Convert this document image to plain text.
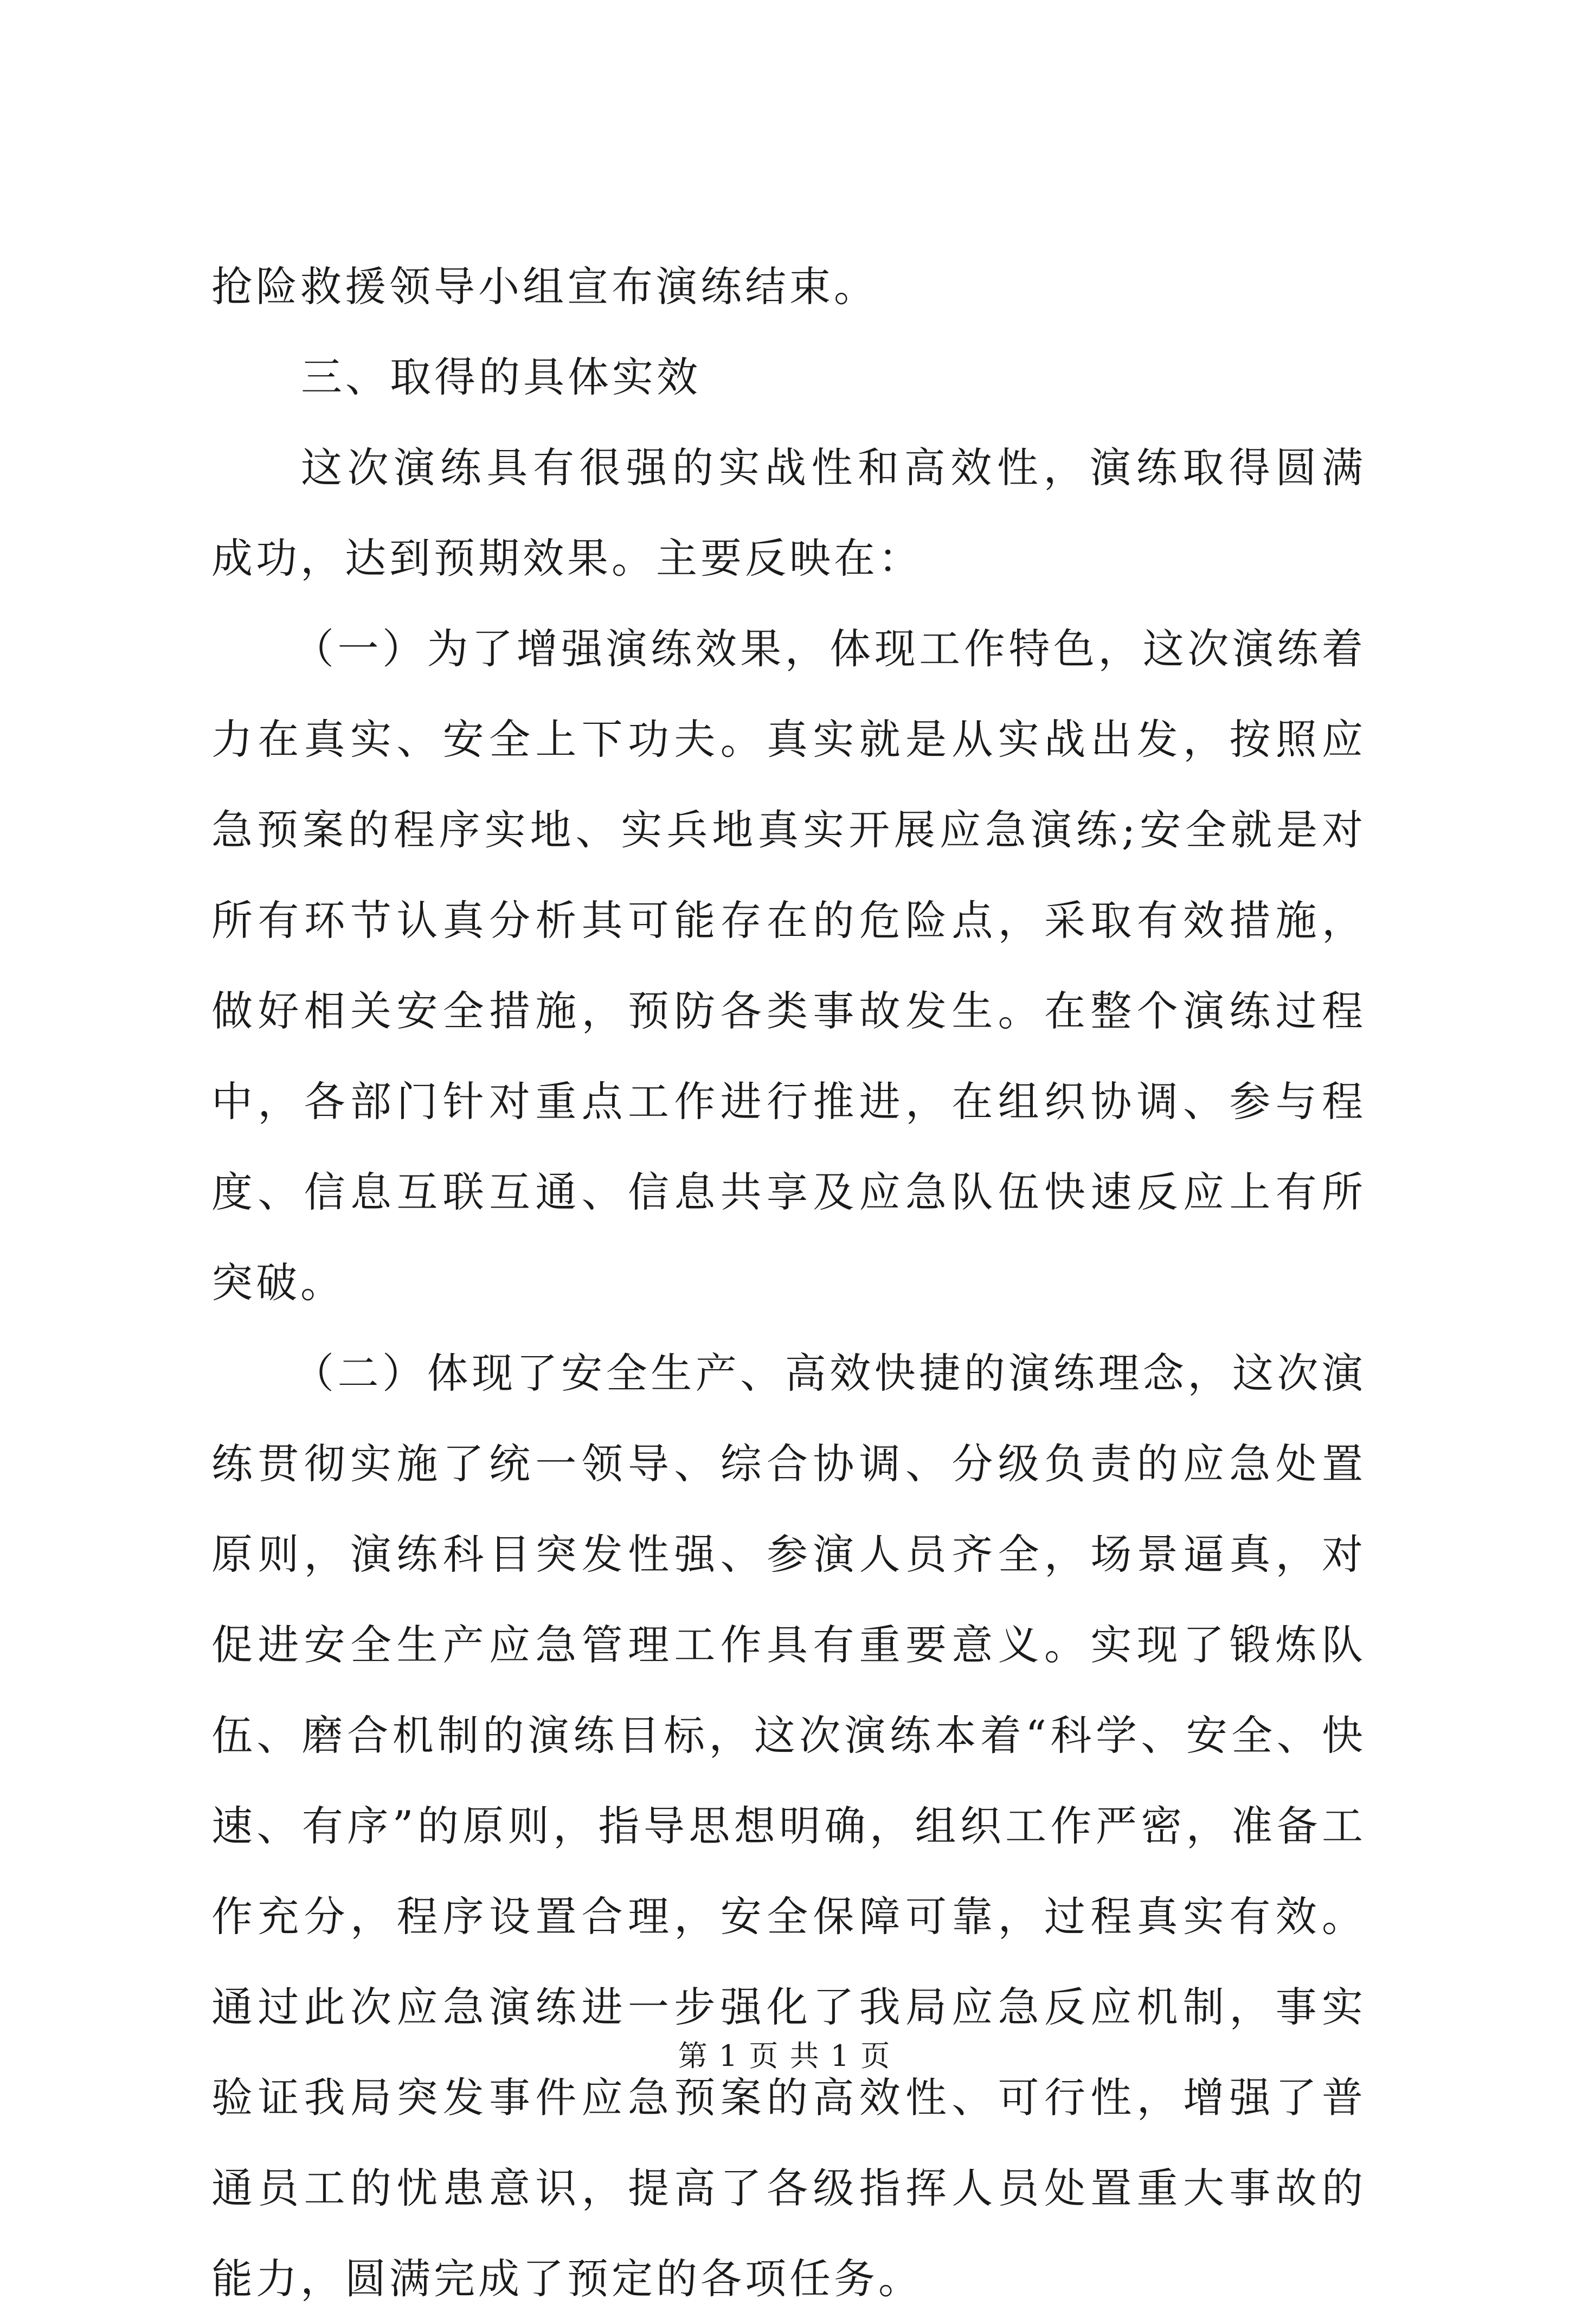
抢险救援领导小组宣布演练结束。

三、取得的具体实效

这次演练具有很强的实战性和高效性，演练取得圆满成功，达到预期效果。主要反映在：

（一）为了增强演练效果，体现工作特色，这次演练着力在真实、安全上下功夫。真实就是从实战出发，按照应急预案的程序实地、实兵地真实开展应急演练;安全就是对所有环节认真分析其可能存在的危险点，采取有效措施，做好相关安全措施，预防各类事故发生。在整个演练过程中，各部门针对重点工作进行推进，在组织协调、参与程度、信息互联互通、信息共享及应急队伍快速反应上有所突破。

（二）体现了安全生产、高效快捷的演练理念，这次演练贯彻实施了统一领导、综合协调、分级负责的应急处置原则，演练科目突发性强、参演人员齐全，场景逼真，对促进安全生产应急管理工作具有重要意义。实现了锻炼队伍、磨合机制的演练目标，这次演练本着“科学、安全、快速、有序”的原则，指导思想明确，组织工作严密，准备工作充分，程序设置合理，安全保障可靠，过程真实有效。通过此次应急演练进一步强化了我局应急反应机制，事实验证我局突发事件应急预案的高效性、可行性，增强了普通员工的忧患意识，提高了各级指挥人员处置重大事故的能力，圆满完成了预定的各项任务。

第 1 页 共 1 页
